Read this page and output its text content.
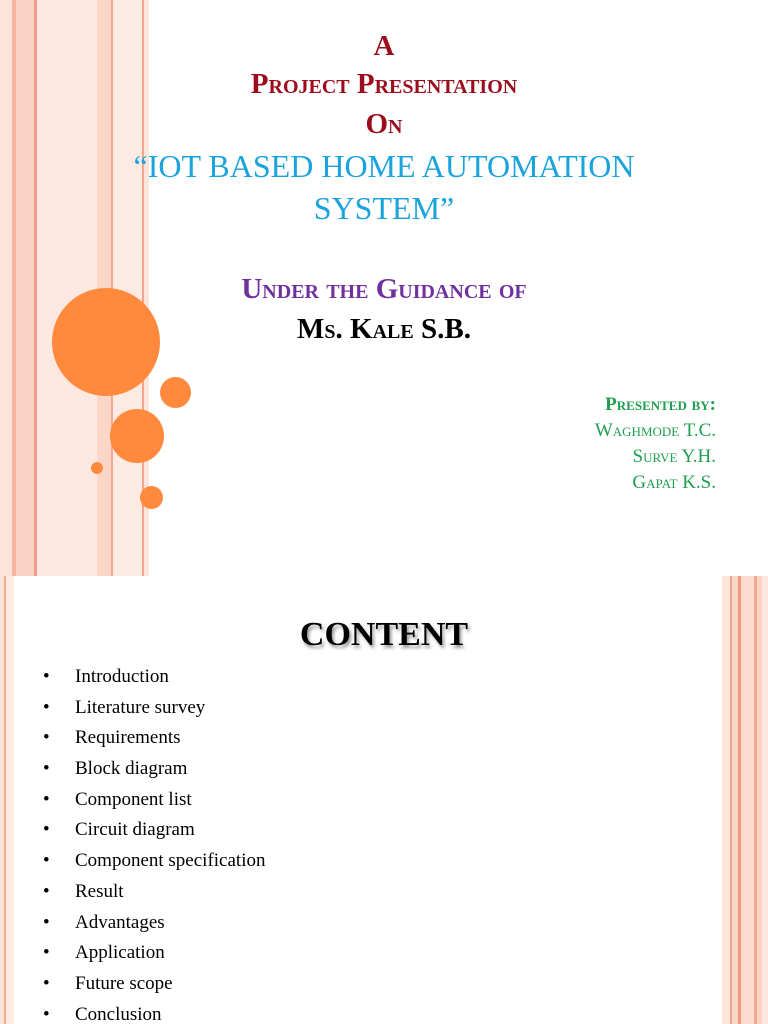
A

Project Presentation

On

“IOT BASED HOME AUTOMATION

SYSTEM”

Under the Guidance of

Ms. Kale S.B.

Presented by:
Waghmode T.C.
Surve Y.H.
Gapat K.S.
CONTENT
• Introduction
• Literature survey
• Requirements
• Block diagram
• Component list
• Circuit diagram
• Component specification
• Result
• Advantages
• Application
• Future scope
• Conclusion
